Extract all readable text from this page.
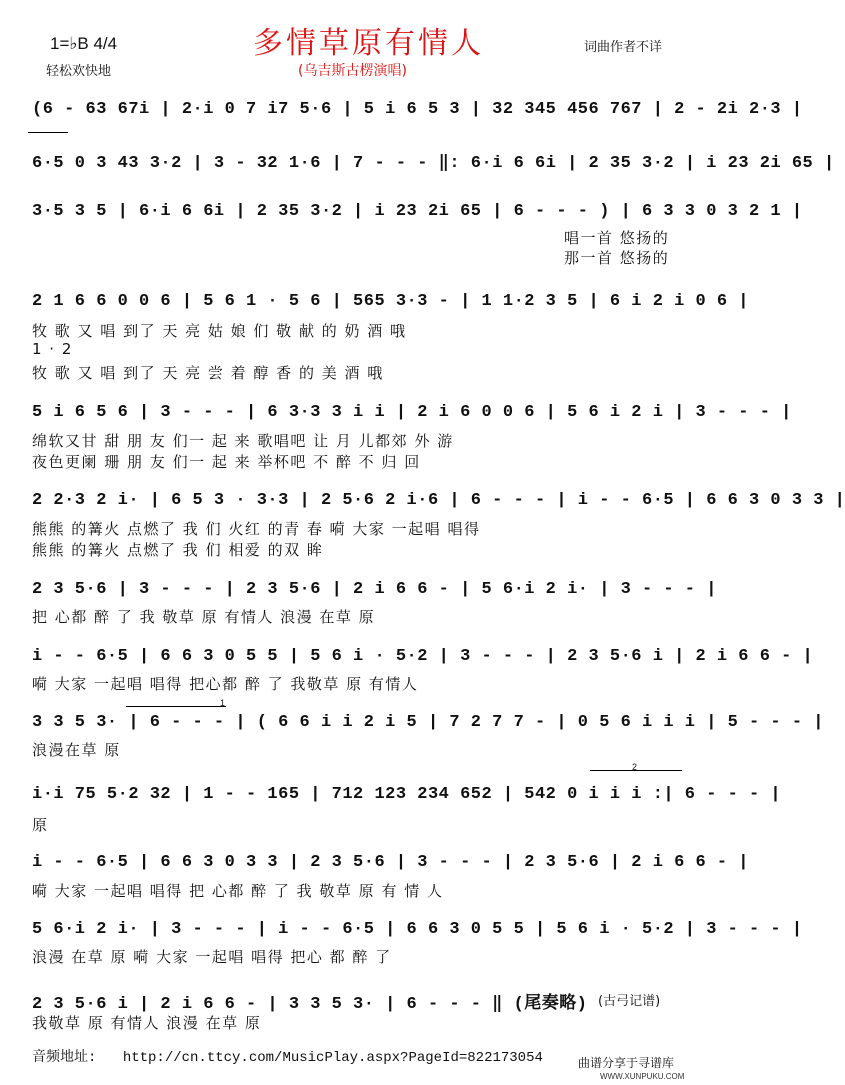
1=♭B 4/4
轻松欢快地
多情草原有情人
(乌吉斯古楞演唱)
词曲作者不详
(6 - 63 67i | 2·i 0 7 i7 5·6 | 5 i 6 5 3 | 32 345 456 767 | 2 - 2i 2·3 |
6·5 0 3 43 3·2 | 3 - 32 1·6 | 7 - - - ‖: 6·i 6 6i | 2 35 3·2 | i 23 2i 65 |
3·5 3 5 | 6·i 6 6i | 2 35 3·2 | i 23 2i 65 | 6 - - - ) | 6 3 3 0 3 2 1 |
唱一首 悠扬的
那一首 悠扬的
2 1 6 6 0 0 6 | 5 6 1 · 5 6 | 565 3·3 - | 1 1·2 3 5 | 6 i 2 i 0 6 |
牧 歌 又 唱 到了 天 亮 姑 娘 们 敬 献 的 奶 酒 哦
1 · 2
牧 歌 又 唱 到了 天 亮 尝 着 醇 香 的 美 酒 哦
5 i 6 5 6 | 3 - - - | 6 3·3 3 i i | 2 i 6 0 0 6 | 5 6 i 2 i | 3 - - - |
绵软又甘 甜 朋 友 们一 起 来 歌唱吧 让 月 儿都郊 外 游
夜色更阑 珊 朋 友 们一 起 来 举杯吧 不 醉 不 归 回
2 2·3 2 i· | 6 5 3 · 3·3 | 2 5·6 2 i·6 | 6 - - - | i - - 6·5 | 6 6 3 0 3 3 |
熊熊 的篝火 点燃了 我 们 火红 的青 春 嗬 大家 一起唱 唱得
熊熊 的篝火 点燃了 我 们 相爱 的双 眸
2 3 5·6 | 3 - - - | 2 3 5·6 | 2 i 6 6 - | 5 6·i 2 i· | 3 - - - |
把 心都 醉 了 我 敬草 原 有情人 浪漫 在草 原
i - - 6·5 | 6 6 3 0 5 5 | 5 6 i · 5·2 | 3 - - - | 2 3 5·6 i | 2 i 6 6 - |
嗬 大家 一起唱 唱得 把心都 醉 了 我敬草 原 有情人
3 3 5 3· | 6 - - - | ( 6 6 i i 2 i 5 | 7 2 7 7 - | 0 5 6 i i i | 5 - - - |
浪漫在草 原
1
i·i 75 5·2 32 | 1 - - 165 | 712 123 234 652 | 542 0 i i i :| 6 - - - |
原
2
i - - 6·5 | 6 6 3 0 3 3 | 2 3 5·6 | 3 - - - | 2 3 5·6 | 2 i 6 6 - |
嗬 大家 一起唱 唱得 把 心都 醉 了 我 敬草 原 有 情 人
5 6·i 2 i· | 3 - - - | i - - 6·5 | 6 6 3 0 5 5 | 5 6 i · 5·2 | 3 - - - |
浪漫 在草 原 嗬 大家 一起唱 唱得 把心 都 醉 了
2 3 5·6 i | 2 i 6 6 - | 3 3 5 3· | 6 - - - ‖ (尾奏略) (古弓记谱)
我敬草 原 有情人 浪漫 在草 原
音频地址: http://cn.ttcy.com/MusicPlay.aspx?PageId=822173054	曲谱分享于寻谱库
WWW.XUNPUKU.COM
